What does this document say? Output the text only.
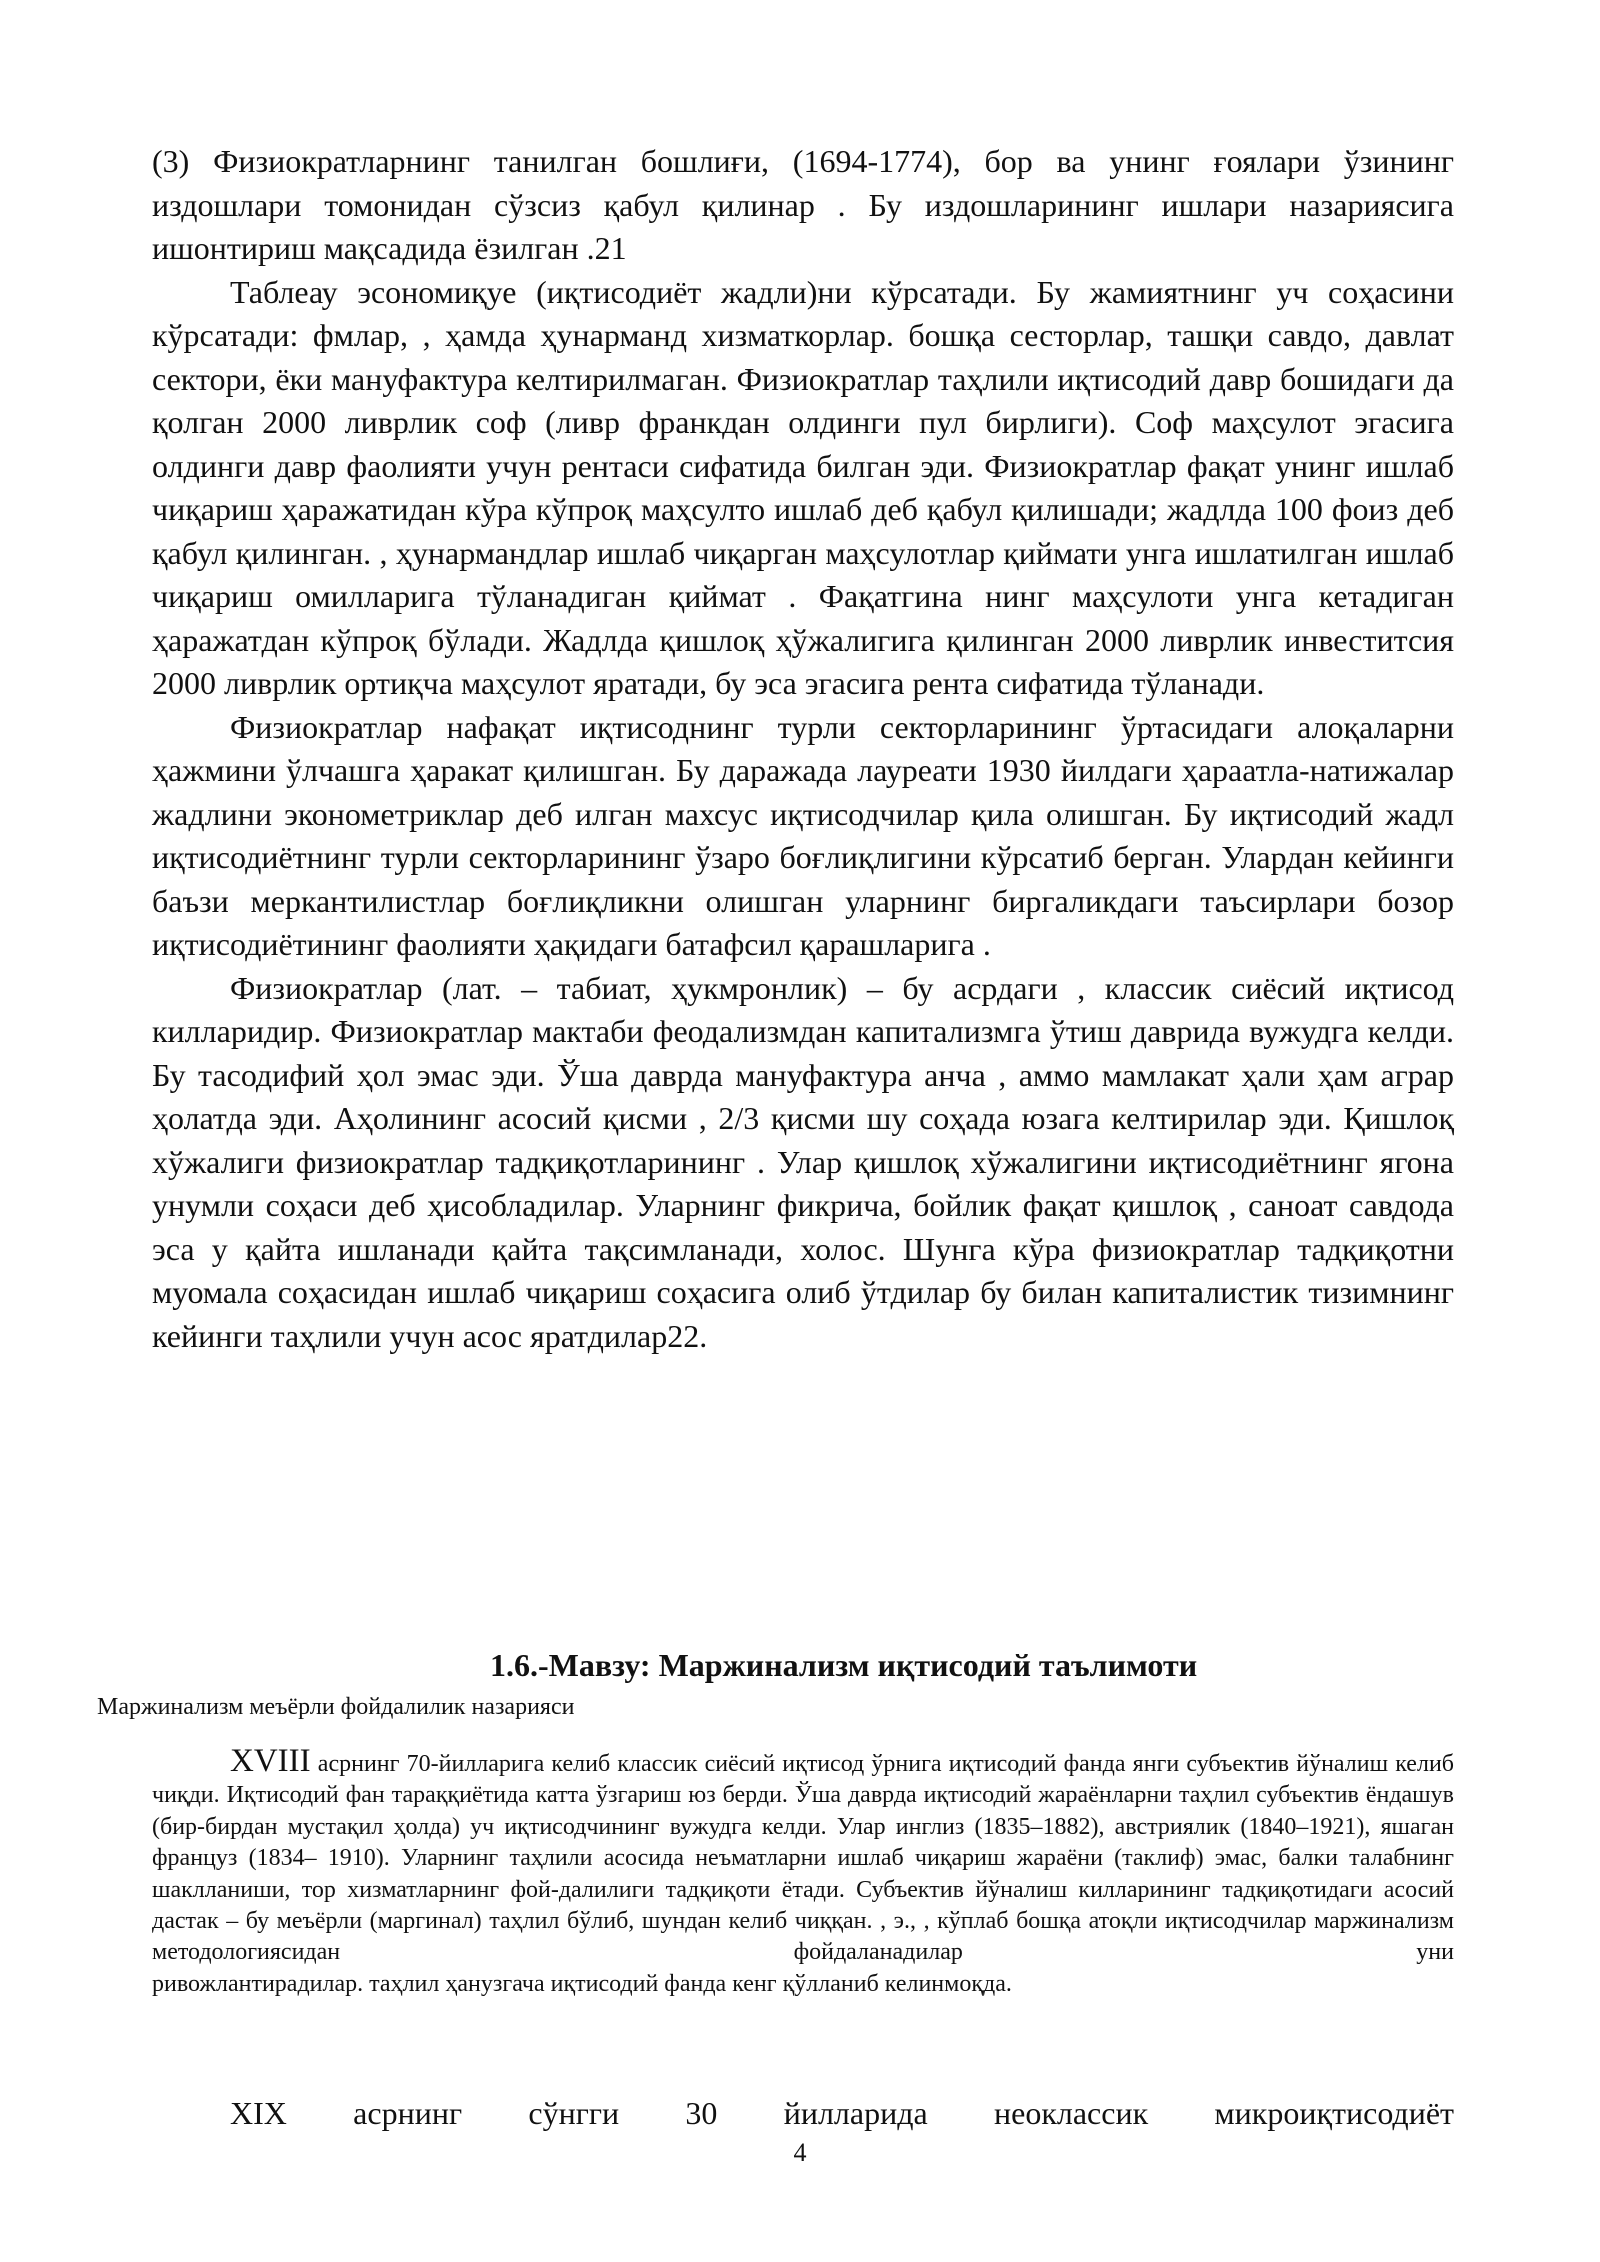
(3) Физиократларнинг танилган бошлиғи, (1694-1774), бор ва унинг ғоялари ўзининг издошлари томонидан сўзсиз қабул қилинар . Бу издошларининг ишлари назариясига ишонтириш мақсадида ёзилган .21

Таблеау эсономиқуе (иқтисодиёт жадли)ни кўрсатади. Бу жамиятнинг уч соҳасини кўрсатади: фмлар, , ҳамда ҳунарманд хизматкорлар. бошқа сесторлар, ташқи савдо, давлат сектори, ёки мануфактура келтирилмаган. Физиократлар таҳлили иқтисодий давр бошидаги да қолган 2000 ливрлик соф (ливр франкдан олдинги пул бирлиги). Соф маҳсулот эгасига олдинги давр фаолияти учун рентаси сифатида билган эди. Физиократлар фақат унинг ишлаб чиқариш ҳаражатидан кўра кўпроқ маҳсулто ишлаб деб қабул қилишади; жадлда 100 фоиз деб қабул қилинган. , ҳунармандлар ишлаб чиқарган маҳсулотлар қиймати унга ишлатилган ишлаб чиқариш омилларига тўланадиган қиймат . Фақатгина нинг маҳсулоти унга кетадиган ҳаражатдан кўпроқ бўлади. Жадлда қишлоқ ҳўжалигига қилинган 2000 ливрлик инвеститсия 2000 ливрлик ортиқча маҳсулот яратади, бу эса эгасига рента сифатида тўланади.

Физиократлар нафақат иқтисоднинг турли секторларининг ўртасидаги алоқаларни ҳажмини ўлчашга ҳаракат қилишган. Бу даражада лауреати 1930 йилдаги ҳараатла-натижалар жадлини эконометриклар деб илган махсус иқтисодчилар қила олишган. Бу иқтисодий жадл иқтисодиётнинг турли секторларининг ўзаро боғлиқлигини кўрсатиб берган. Улардан кейинги баъзи меркантилистлар боғлиқликни олишган уларнинг биргаликдаги таъсирлари бозор иқтисодиётининг фаолияти ҳақидаги батафсил қарашларига .

Физиократлар (лат. – табиат, ҳукмронлик) – бу асрдаги , классик сиёсий иқтисод килларидир. Физиократлар мактаби феодализмдан капитализмга ўтиш даврида вужудга келди. Бу тасодифий ҳол эмас эди. Ўша даврда мануфактура анча , аммо мамлакат ҳали ҳам аграр ҳолатда эди. Аҳолининг асосий қисми , 2/3 қисми шу соҳада юзага келтирилар эди. Қишлоқ хўжалиги физиократлар тадқиқотларининг . Улар қишлоқ хўжалигини иқтисодиётнинг ягона унумли соҳаси деб ҳисобладилар. Уларнинг фикрича, бойлик фақат қишлоқ , саноат савдода эса у қайта ишланади қайта тақсимланади, холос. Шунга кўра физиократлар тадқиқотни муомала соҳасидан ишлаб чиқариш соҳасига олиб ўтдилар бу билан капиталистик тизимнинг кейинги таҳлили учун асос яратдилар22.

1.6.-Мавзу: Маржинализм иқтисодий таълимоти
Маржинализм меъёрли фойдалилик назарияси
XVIII асрнинг 70-йилларига келиб классик сиёсий иқтисод ўрнига иқтисодий фанда янги субъектив йўналиш келиб чиқди. Иқтисодий фан тараққиётида катта ўзгариш юз берди. Ўша даврда иқтисодий жараёнларни таҳлил субъектив ёндашув (бир-бирдан мустақил ҳолда) уч иқтисодчининг вужудга келди. Улар инглиз (1835–1882), австриялик (1840–1921), яшаган француз (1834– 1910). Уларнинг таҳлили асосида неъматларни ишлаб чиқариш жараёни (таклиф) эмас, балки талабнинг шаклланиши, тор хизматларнинг фой-далилиги тадқиқоти ётади. Субъектив йўналиш килларининг тадқиқотидаги асосий дастак – бу меъёрли (маргинал) таҳлил бўлиб, шундан келиб чиққан. , э., , кўплаб бошқа атоқли иқтисодчилар маржинализм методологиясидан фойдаланадилар уни
ривожлантирадилар. таҳлил ҳанузгача иқтисодий фанда кенг қўлланиб келинмоқда.
XIX асрнинг сўнгги 30 йилларида неоклассик микроиқтисодиёт
4
